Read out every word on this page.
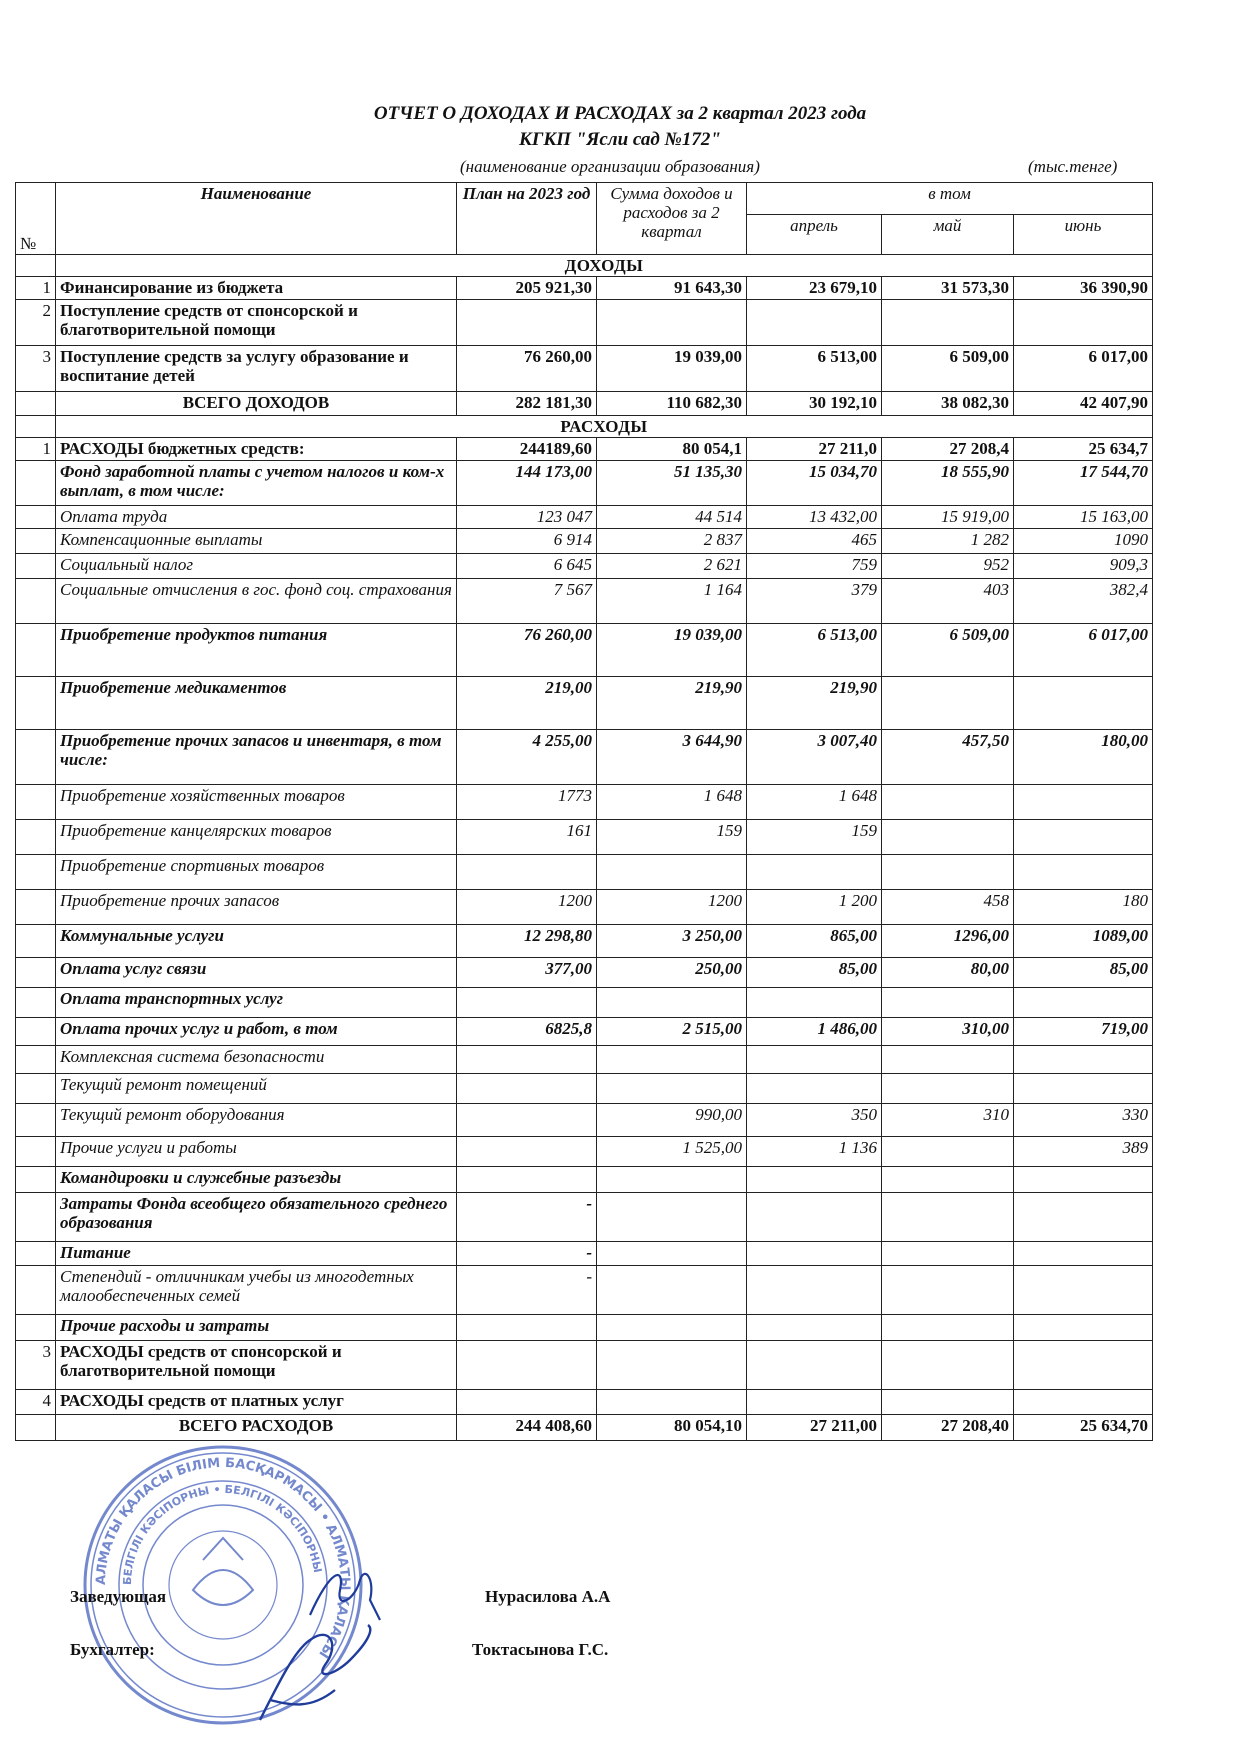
ОТЧЕТ О ДОХОДАХ И РАСХОДАХ за 2 квартал 2023 года
КГКП "Ясли сад №172"
(наименование организации образования)	(тыс.тенге)
№	Наименование	План на 2023 год	Сумма доходов и расходов за 2 квартал	в том		
				апрель	май	июнь
	ДОХОДЫ					
1	Финансирование из бюджета	205 921,30	91 643,30	23 679,10	31 573,30	36 390,90
2	Поступление средств от спонсорской и благотворительной помощи					
3	Поступление средств за услугу образование и воспитание детей	76 260,00	19 039,00	6 513,00	6 509,00	6 017,00
	ВСЕГО ДОХОДОВ	282 181,30	110 682,30	30 192,10	38 082,30	42 407,90
	РАСХОДЫ					
1	РАСХОДЫ бюджетных средств:	244189,60	80 054,1	27 211,0	27 208,4	25 634,7
	Фонд заработной платы с учетом налогов и ком-х выплат, в том числе:	144 173,00	51 135,30	15 034,70	18 555,90	17 544,70
	Оплата труда	123 047	44 514	13 432,00	15 919,00	15 163,00
	Компенсационные выплаты	6 914	2 837	465	1 282	1090
	Социальный налог	6 645	2 621	759	952	909,3
	Социальные отчисления в гос. фонд соц. страхования	7 567	1 164	379	403	382,4
	Приобретение продуктов питания	76 260,00	19 039,00	6 513,00	6 509,00	6 017,00
	Приобретение медикаментов	219,00	219,90	219,90		
	Приобретение прочих запасов и инвентаря, в том числе:	4 255,00	3 644,90	3 007,40	457,50	180,00
	Приобретение хозяйственных товаров	1773	1 648	1 648		
	Приобретение канцелярских товаров	161	159	159		
	Приобретение спортивных товаров					
	Приобретение прочих запасов	1200	1200	1 200	458	180
	Коммунальные услуги	12 298,80	3 250,00	865,00	1296,00	1089,00
	Оплата услуг связи	377,00	250,00	85,00	80,00	85,00
	Оплата транспортных услуг					
	Оплата прочих услуг и работ, в том	6825,8	2 515,00	1 486,00	310,00	719,00
	Комплексная система безопасности					
	Текущий ремонт помещений					
	Текущий ремонт оборудования		990,00	350	310	330
	Прочие услуги и работы		1 525,00	1 136		389
	Командировки и служебные разъезды					
	Затраты Фонда всеобщего обязательного среднего образования	-				
	Питание	-				
	Степендий - отличникам учебы из многодетных малообеспеченных семей	-				
	Прочие расходы и затраты					
3	РАСХОДЫ средств от спонсорской и благотворительной помощи					
4	РАСХОДЫ средств от платных услуг					
	ВСЕГО РАСХОДОВ	244 408,60	80 054,10	27 211,00	27 208,40	25 634,70
АЛМАТЫ ҚАЛАСЫ БІЛІМ БАСҚАРМАСЫ • АЛМАТЫ ҚАЛАСЫ
БЕЛГІЛІ КӘСІПОРНЫ • БЕЛГІЛІ КӘСІПОРНЫ
Заведующая	Нурасилова А.А
Бухгалтер:	Токтасынова Г.С.
